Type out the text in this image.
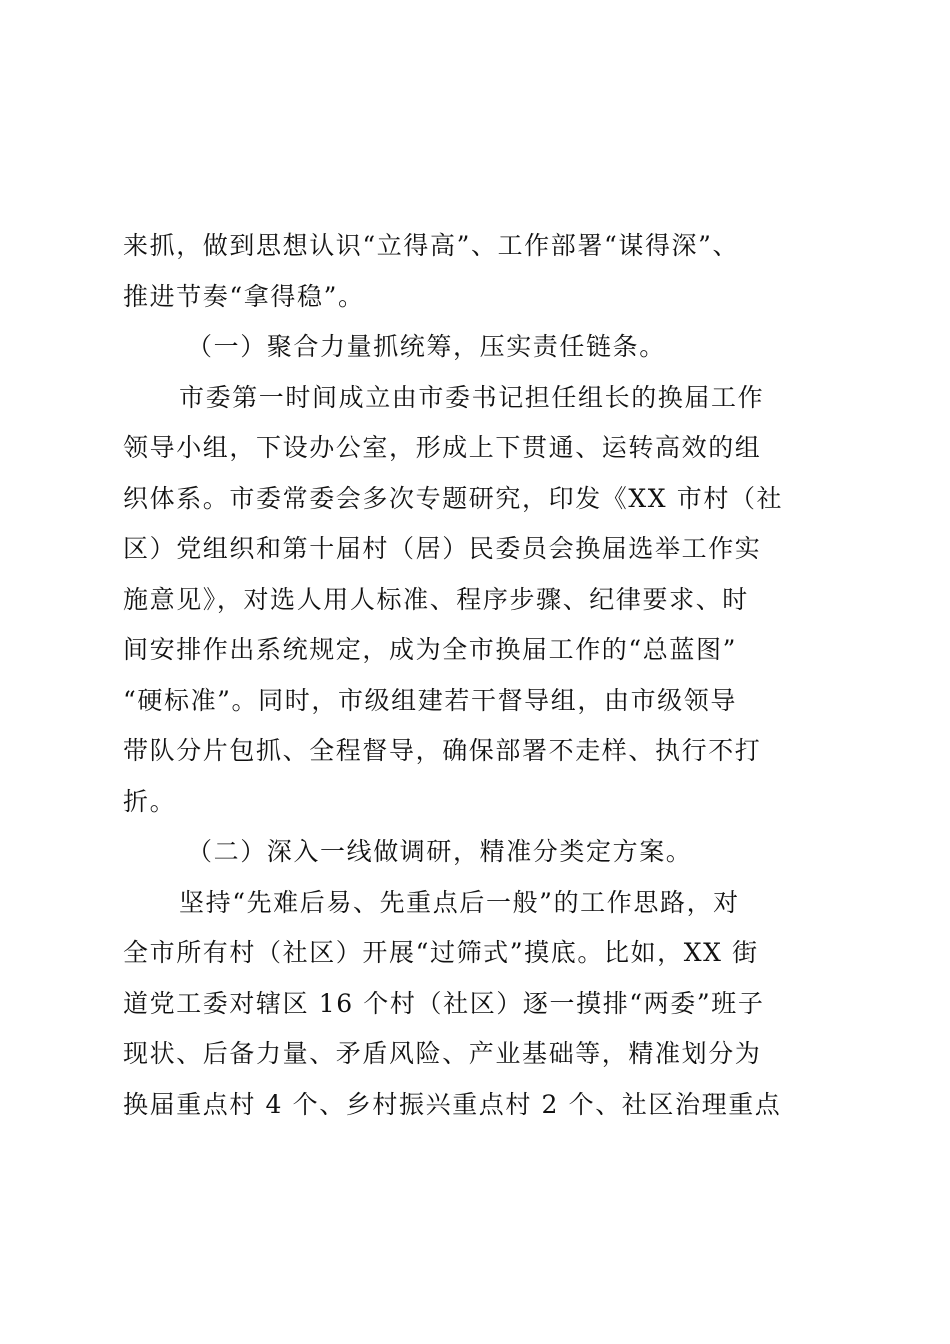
来抓，做到思想认识“立得高”、工作部署“谋得深”、
推进节奏“拿得稳”。
（一）聚合力量抓统筹，压实责任链条。
市委第一时间成立由市委书记担任组长的换届工作
领导小组，下设办公室，形成上下贯通、运转高效的组
织体系。市委常委会多次专题研究，印发《XX 市村（社
区）党组织和第十届村（居）民委员会换届选举工作实
施意见》，对选人用人标准、程序步骤、纪律要求、时
间安排作出系统规定，成为全市换届工作的“总蓝图”
“硬标准”。同时，市级组建若干督导组，由市级领导
带队分片包抓、全程督导，确保部署不走样、执行不打
折。
（二）深入一线做调研，精准分类定方案。
坚持“先难后易、先重点后一般”的工作思路，对
全市所有村（社区）开展“过筛式”摸底。比如，XX 街
道党工委对辖区 16 个村（社区）逐一摸排“两委”班子
现状、后备力量、矛盾风险、产业基础等，精准划分为
换届重点村 4 个、乡村振兴重点村 2 个、社区治理重点
